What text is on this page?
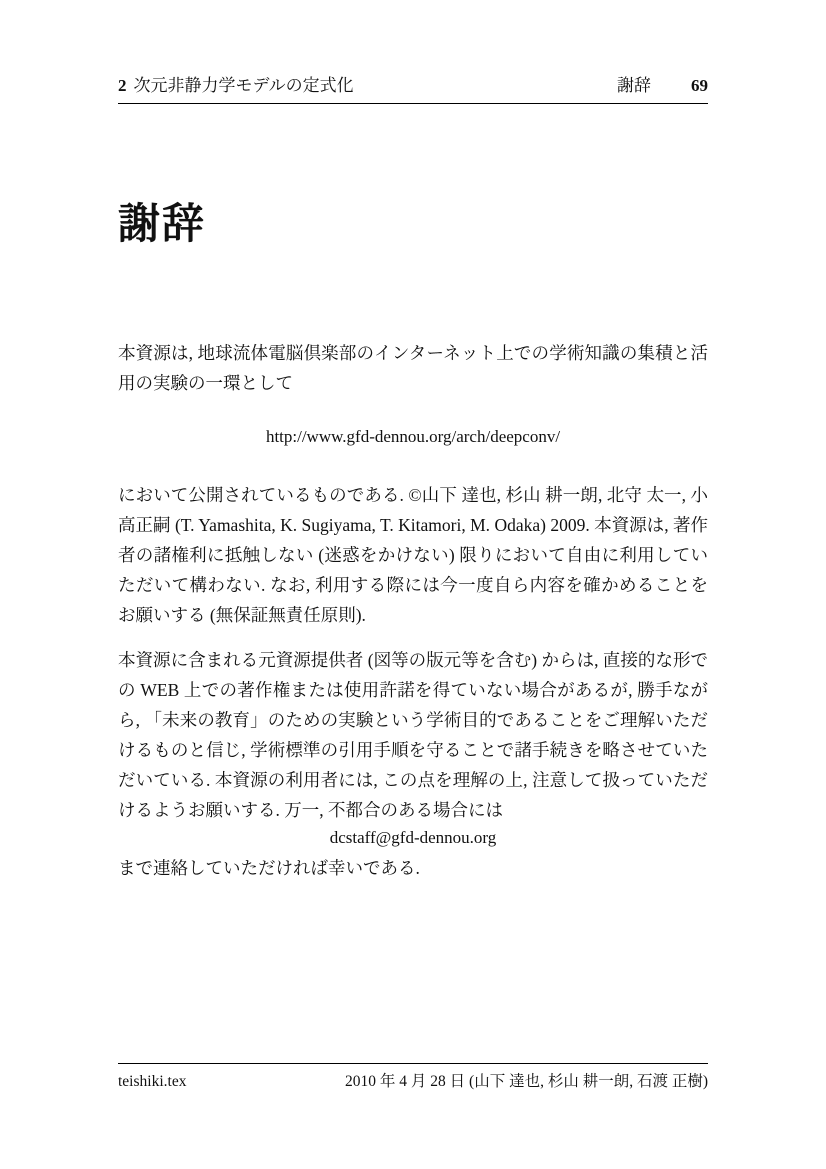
2 次元非静力学モデルの定式化	謝辞 69
謝辞

本資源は, 地球流体電脳倶楽部のインターネット上での学術知識の集積と活用の実験の一環として

http://www.gfd-dennou.org/arch/deepconv/

において公開されているものである. ©山下 達也, 杉山 耕一朗, 北守 太一, 小高正嗣 (T. Yamashita, K. Sugiyama, T. Kitamori, M. Odaka) 2009. 本資源は, 著作者の諸権利に抵触しない (迷惑をかけない) 限りにおいて自由に利用していただいて構わない. なお, 利用する際には今一度自ら内容を確かめることをお願いする (無保証無責任原則).

本資源に含まれる元資源提供者 (図等の版元等を含む) からは, 直接的な形での WEB 上での著作権または使用許諾を得ていない場合があるが, 勝手ながら, 「未来の教育」のための実験という学術目的であることをご理解いただけるものと信じ, 学術標準の引用手順を守ることで諸手続きを略させていただいている. 本資源の利用者には, この点を理解の上, 注意して扱っていただけるようお願いする. 万一, 不都合のある場合には

dcstaff@gfd-dennou.org

まで連絡していただければ幸いである.

teishiki.tex	2010 年 4 月 28 日 (山下 達也, 杉山 耕一朗, 石渡 正樹)
